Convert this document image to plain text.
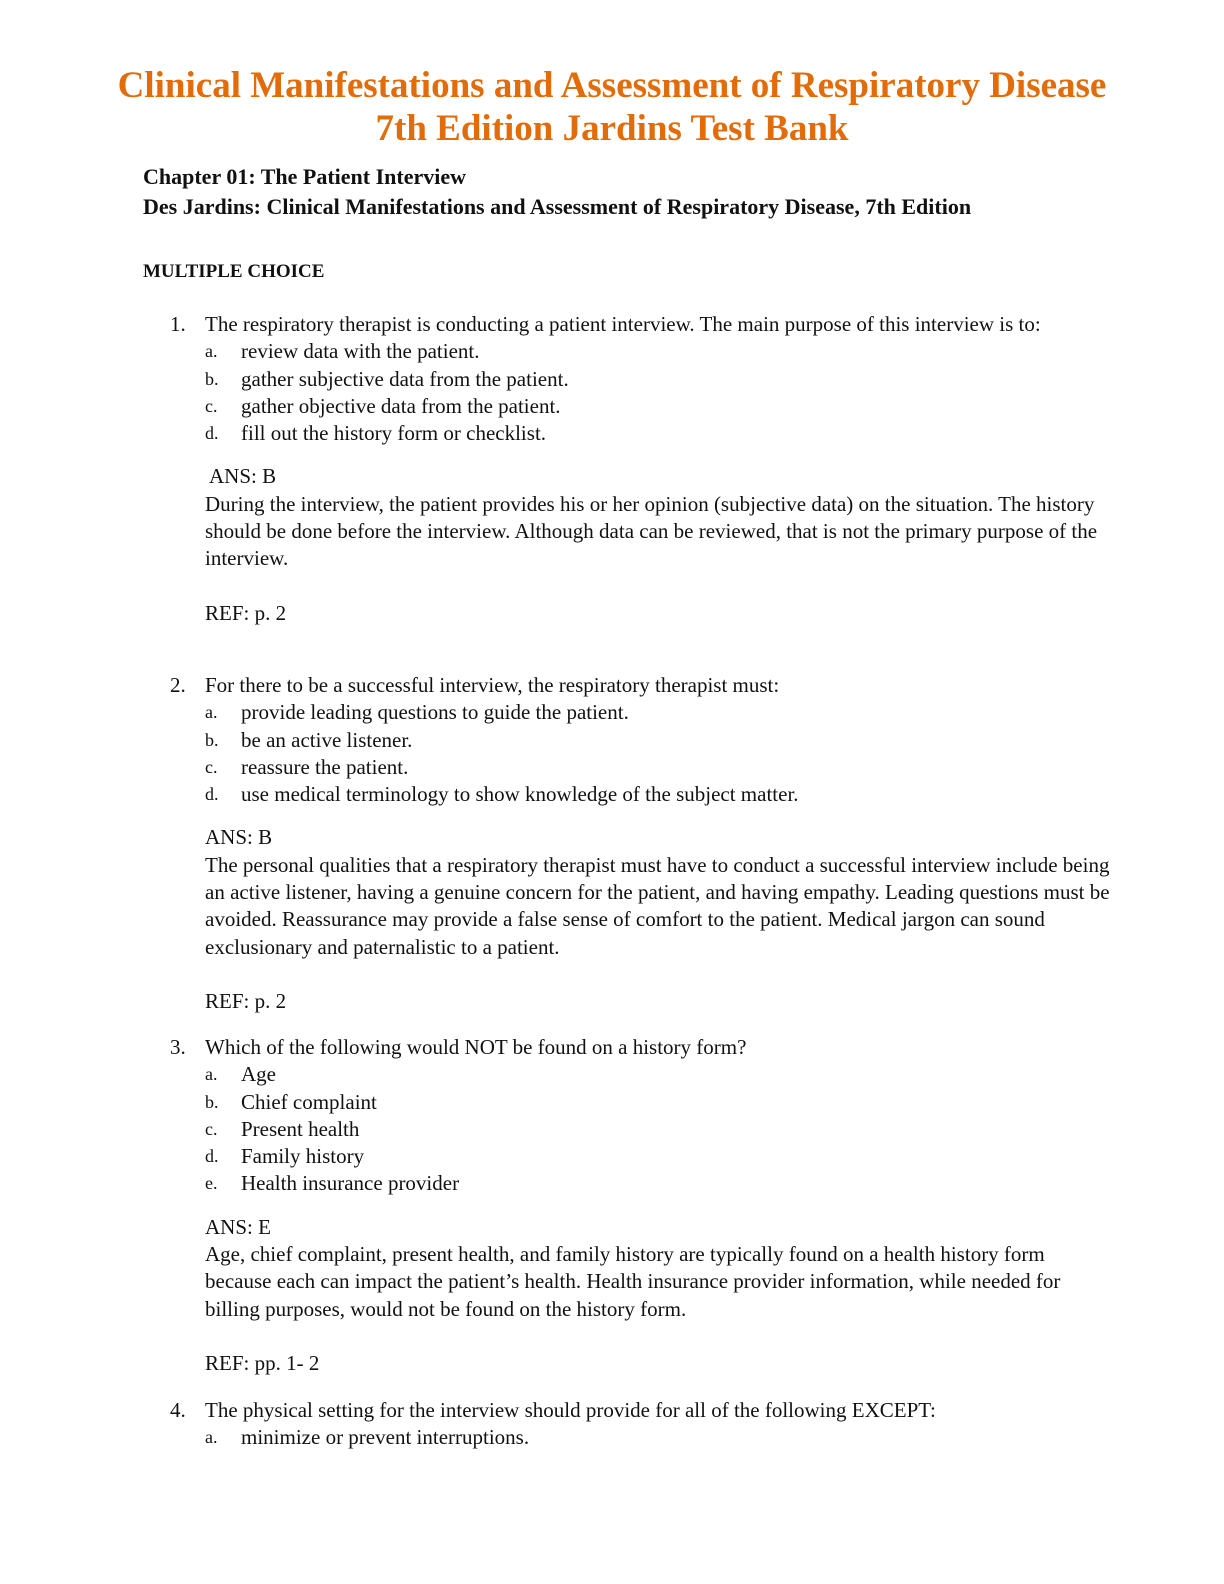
Clinical Manifestations and Assessment of Respiratory Disease 7th Edition Jardins Test Bank
Chapter 01: The Patient Interview
Des Jardins: Clinical Manifestations and Assessment of Respiratory Disease, 7th Edition
MULTIPLE CHOICE
1. The respiratory therapist is conducting a patient interview. The main purpose of this interview is to:
a.	review data with the patient.
b.	gather subjective data from the patient.
c.	gather objective data from the patient.
d.	fill out the history form or checklist.
ANS: B
During the interview, the patient provides his or her opinion (subjective data) on the situation. The history should be done before the interview. Although data can be reviewed, that is not the primary purpose of the interview.
REF: p. 2
2. For there to be a successful interview, the respiratory therapist must:
a.	provide leading questions to guide the patient.
b.	be an active listener.
c.	reassure the patient.
d.	use medical terminology to show knowledge of the subject matter.
ANS: B
The personal qualities that a respiratory therapist must have to conduct a successful interview include being an active listener, having a genuine concern for the patient, and having empathy. Leading questions must be avoided. Reassurance may provide a false sense of comfort to the patient. Medical jargon can sound exclusionary and paternalistic to a patient.
REF: p. 2
3. Which of the following would NOT be found on a history form?
a.	Age
b.	Chief complaint
c.	Present health
d.	Family history
e.	Health insurance provider
ANS: E
Age, chief complaint, present health, and family history are typically found on a health history form because each can impact the patient’s health. Health insurance provider information, while needed for billing purposes, would not be found on the history form.
REF: pp. 1- 2
4. The physical setting for the interview should provide for all of the following EXCEPT:
a.	minimize or prevent interruptions.
